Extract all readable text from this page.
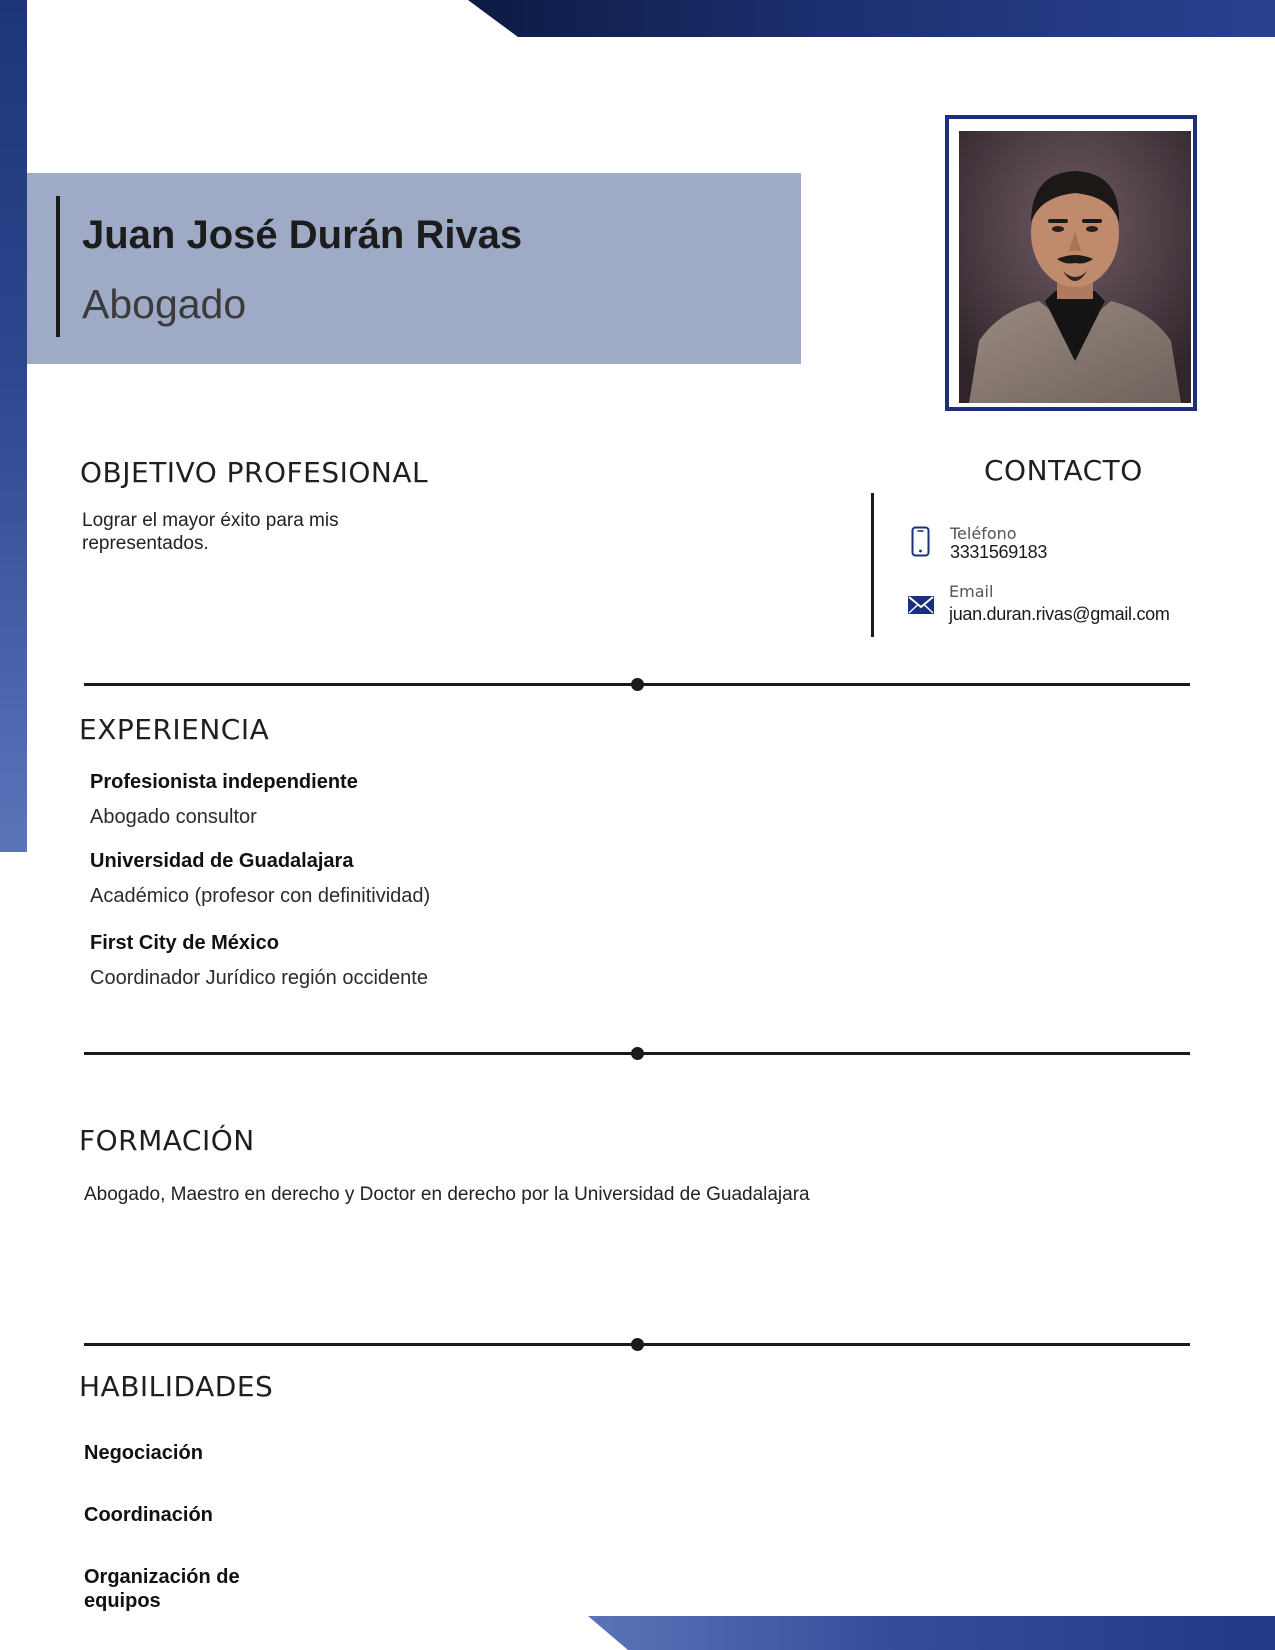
Juan José Durán Rivas
Abogado
OBJETIVO PROFESIONAL
Lograr el mayor éxito para mis
representados.
CONTACTO
Teléfono
3331569183
Email
juan.duran.rivas@gmail.com
EXPERIENCIA
Profesionista independiente
Abogado consultor
Universidad de Guadalajara
Académico (profesor con definitividad)
First City de México
Coordinador Jurídico región occidente
FORMACIÓN
Abogado, Maestro en derecho y Doctor en derecho por la Universidad de Guadalajara
HABILIDADES
Negociación
Coordinación
Organización de equipos
